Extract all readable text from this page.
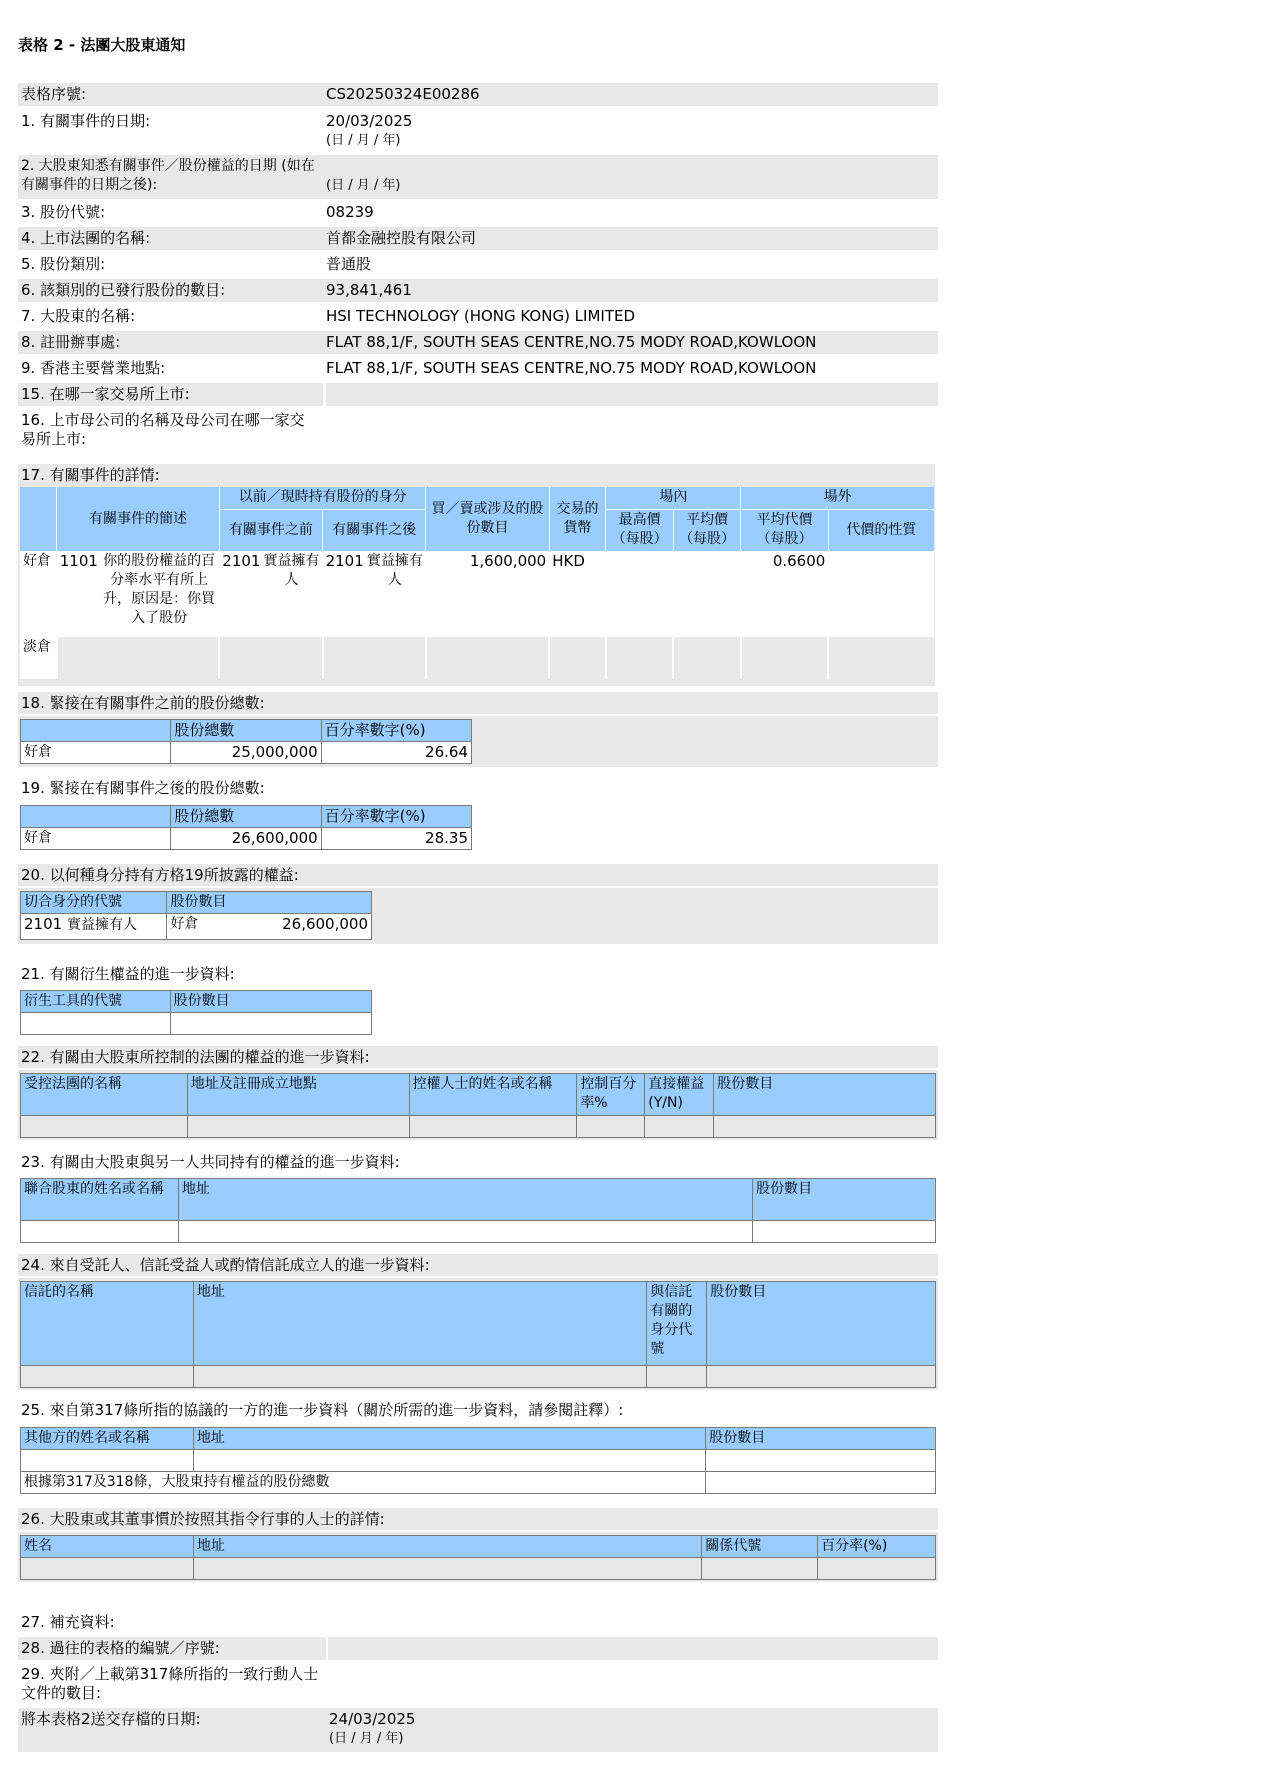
表格 2 - 法團大股東通知
表格序號:	CS20250324E00286
1. 有關事件的日期:	20/03/2025
(日 / 月 / 年)
2. 大股東知悉有關事件／股份權益的日期 (如在有關事件的日期之後):	(日 / 月 / 年)
3. 股份代號:	08239
4. 上市法團的名稱:	首都金融控股有限公司
5. 股份類別:	普通股
6. 該類別的已發行股份的數目:	93,841,461
7. 大股東的名稱:	HSI TECHNOLOGY (HONG KONG) LIMITED
8. 註冊辦事處:	FLAT 88,1/F, SOUTH SEAS CENTRE,NO.75 MODY ROAD,KOWLOON
9. 香港主要營業地點:	FLAT 88,1/F, SOUTH SEAS CENTRE,NO.75 MODY ROAD,KOWLOON
15. 在哪一家交易所上市:
16. 上市母公司的名稱及母公司在哪一家交易所上市:
17. 有關事件的詳情:
	有關事件的簡述	以前／現時持有股份的身分		買／賣或涉及的股份數目	交易的貨幣	場內		場外	
		有關事件之前	有關事件之後			最高價（每股）	平均價（每股）	平均代價（每股）	代價的性質
好倉	1101 你的股份權益的百分率水平有所上升，原因是：你買入了股份	2101 實益擁有人	2101 實益擁有人	1,600,000	HKD			0.6600	
淡倉									
18. 緊接在有關事件之前的股份總數:
	股份總數	百分率數字(%)
好倉	25,000,000	26.64
19. 緊接在有關事件之後的股份總數:
	股份總數	百分率數字(%)
好倉	26,600,000	28.35
20. 以何種身分持有方格19所披露的權益:
切合身分的代號	股份數目
2101 實益擁有人	好倉 26,600,000
21. 有關衍生權益的進一步資料:
衍生工具的代號	股份數目

22. 有關由大股東所控制的法團的權益的進一步資料:
受控法團的名稱	地址及註冊成立地點	控權人士的姓名或名稱	控制百分率%	直接權益(Y/N)	股份數目

23. 有關由大股東與另一人共同持有的權益的進一步資料:
聯合股東的姓名或名稱	地址	股份數目

24. 來自受託人、信託受益人或酌情信託成立人的進一步資料:
信託的名稱	地址	與信託有關的身分代號	股份數目

25. 來自第317條所指的協議的一方的進一步資料（關於所需的進一步資料，請參閱註釋）:
其他方的姓名或名稱	地址	股份數目

根據第317及318條，大股東持有權益的股份總數		
26. 大股東或其董事慣於按照其指令行事的人士的詳情:
姓名	地址	關係代號	百分率(%)

27. 補充資料:
28. 過往的表格的編號／序號:
29. 夾附／上載第317條所指的一致行動人士文件的數目:
將本表格2送交存檔的日期:	24/03/2025
(日 / 月 / 年)
